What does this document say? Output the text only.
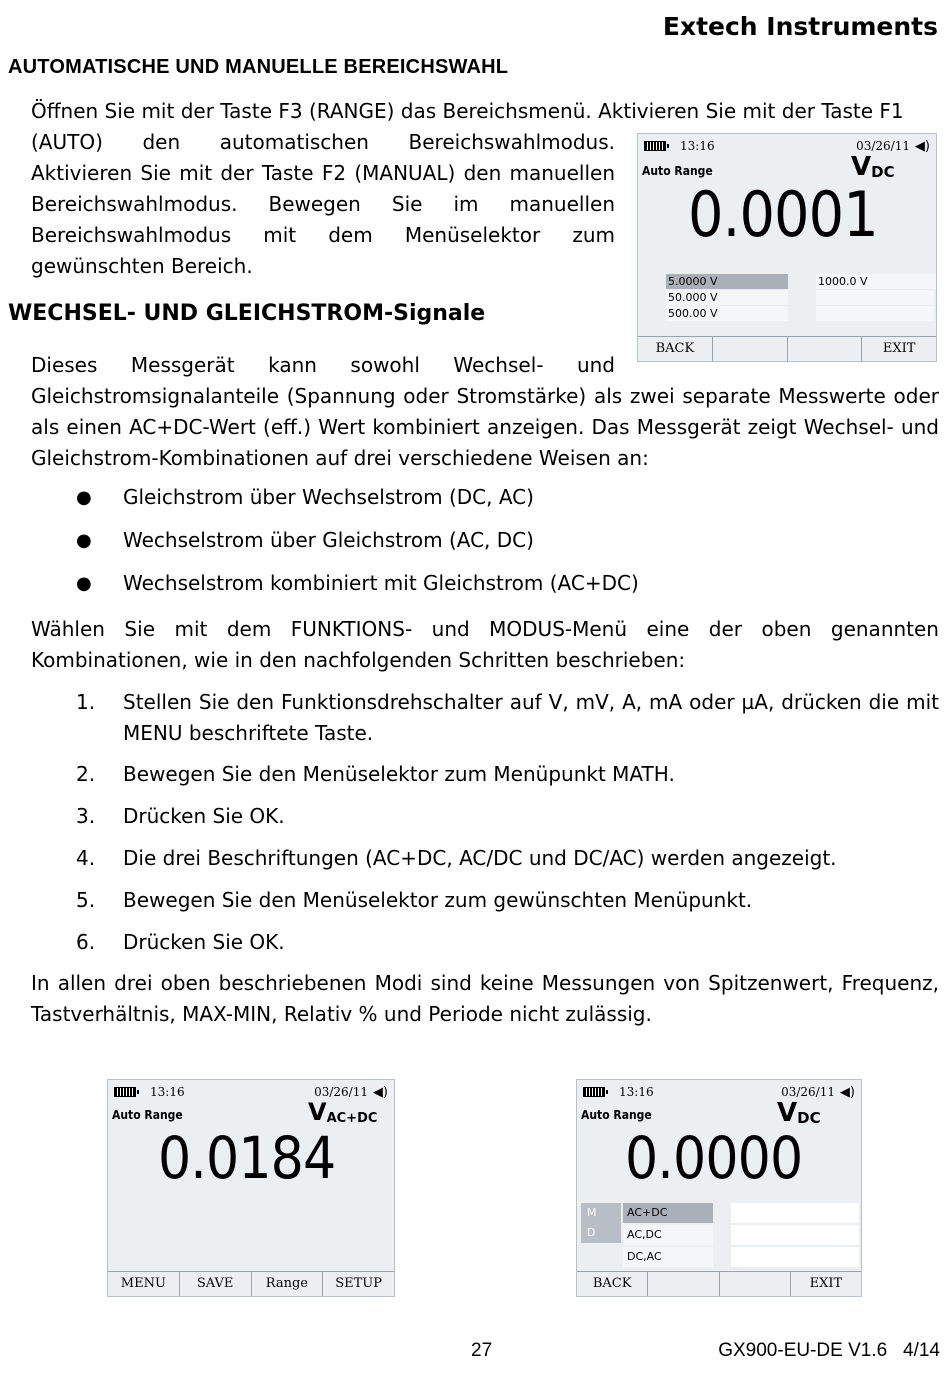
Extech Instruments
AUTOMATISCHE UND MANUELLE BEREICHSWAHL
Öffnen Sie mit der Taste F3 (RANGE) das Bereichsmenü. Aktivieren Sie mit der Taste F1
(AUTO) den automatischen Bereichswahlmodus. Aktivieren Sie mit der Taste F2 (MANUAL) den manuellen Bereichswahlmodus. Bewegen Sie im manuellen Bereichswahlmodus mit dem Menüselektor zum gewünschten Bereich.
WECHSEL- UND GLEICHSTROM-Signale
Dieses Messgerät kann sowohl Wechsel- und
Gleichstromsignalanteile (Spannung oder Stromstärke) als zwei separate Messwerte oder als einen AC+DC-Wert (eff.) Wert kombiniert anzeigen. Das Messgerät zeigt Wechsel- und Gleichstrom-Kombinationen auf drei verschiedene Weisen an:
● Gleichstrom über Wechselstrom (DC, AC)
● Wechselstrom über Gleichstrom (AC, DC)
● Wechselstrom kombiniert mit Gleichstrom (AC+DC)
Wählen Sie mit dem FUNKTIONS- und MODUS-Menü eine der oben genannten Kombinationen, wie in den nachfolgenden Schritten beschrieben:
1. Stellen Sie den Funktionsdrehschalter auf V, mV, A, mA oder µA, drücken die mit MENU beschriftete Taste.
2. Bewegen Sie den Menüselektor zum Menüpunkt MATH.
3. Drücken Sie OK.
4. Die drei Beschriftungen (AC+DC, AC/DC und DC/AC) werden angezeigt.
5. Bewegen Sie den Menüselektor zum gewünschten Menüpunkt.
6. Drücken Sie OK.
In allen drei oben beschriebenen Modi sind keine Messungen von Spitzenwert, Frequenz, Tastverhältnis, MAX-MIN, Relativ % und Periode nicht zulässig.
13:16	03/26/11 ◀)
Auto Range	$V_{DC}$
0.0001
5.0000 V
50.000 V
500.00 V
1000.0 V
BACK	EXIT
13:16	03/26/11 ◀)
Auto Range	$V_{AC+DC}$
0.0184
MENU	SAVE	Range	SETUP
13:16	03/26/11 ◀)
Auto Range	$V_{DC}$
0.0000
M
D
AC+DC
AC,DC
DC,AC
BACK	EXIT
27	GX900-EU-DE V1.6   4/14
